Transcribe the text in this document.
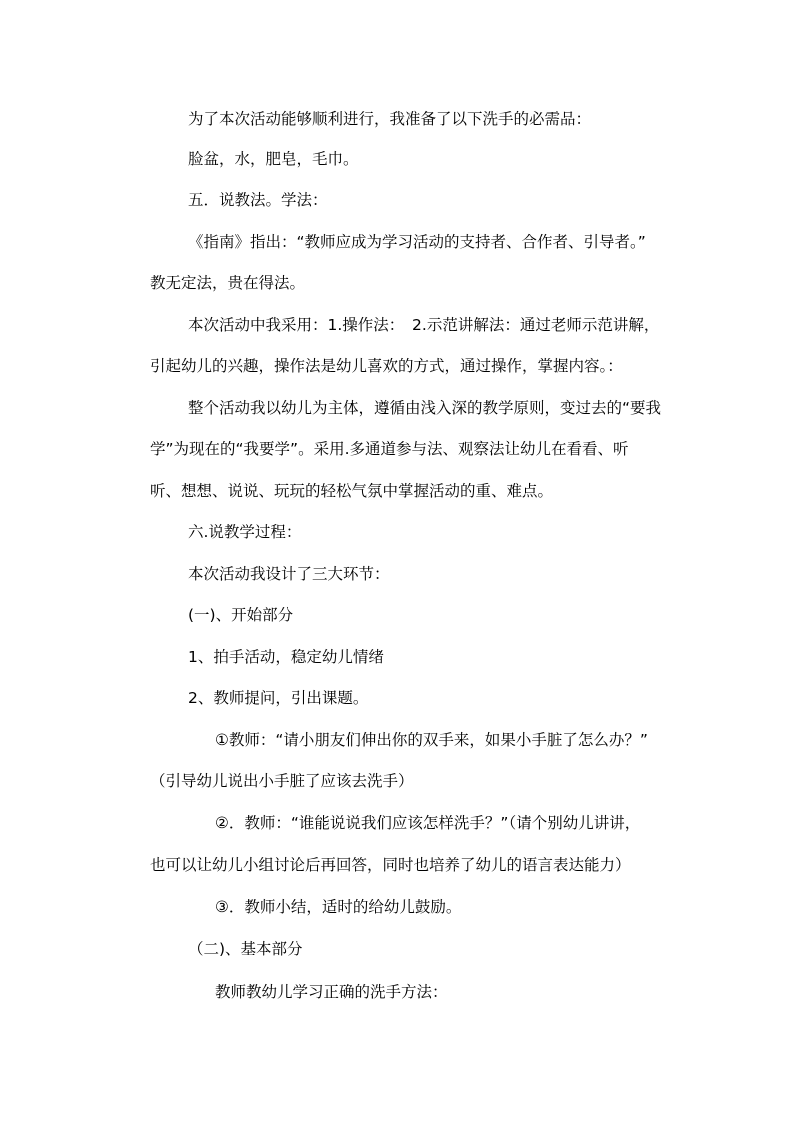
为了本次活动能够顺利进行，我准备了以下洗手的必需品：

脸盆，水，肥皂，毛巾。

五．说教法。学法：

《指南》指出：“教师应成为学习活动的支持者、合作者、引导者。”

教无定法，贵在得法。

本次活动中我采用：1.操作法：　2.示范讲解法：通过老师示范讲解，

引起幼儿的兴趣，操作法是幼儿喜欢的方式，通过操作，掌握内容。：

整个活动我以幼儿为主体，遵循由浅入深的教学原则，变过去的“要我

学”为现在的“我要学”。采用.多通道参与法、观察法让幼儿在看看、听

听、想想、说说、玩玩的轻松气氛中掌握活动的重、难点。

六.说教学过程：

本次活动我设计了三大环节：

(一)、开始部分

1、拍手活动，稳定幼儿情绪

2、教师提问，引出课题。

①教师：“请小朋友们伸出你的双手来，如果小手脏了怎么办？”

（引导幼儿说出小手脏了应该去洗手）

②．教师：“谁能说说我们应该怎样洗手？”（请个别幼儿讲讲，

也可以让幼儿小组讨论后再回答，同时也培养了幼儿的语言表达能力）

③．教师小结，适时的给幼儿鼓励。

（二)、基本部分

教师教幼儿学习正确的洗手方法：
